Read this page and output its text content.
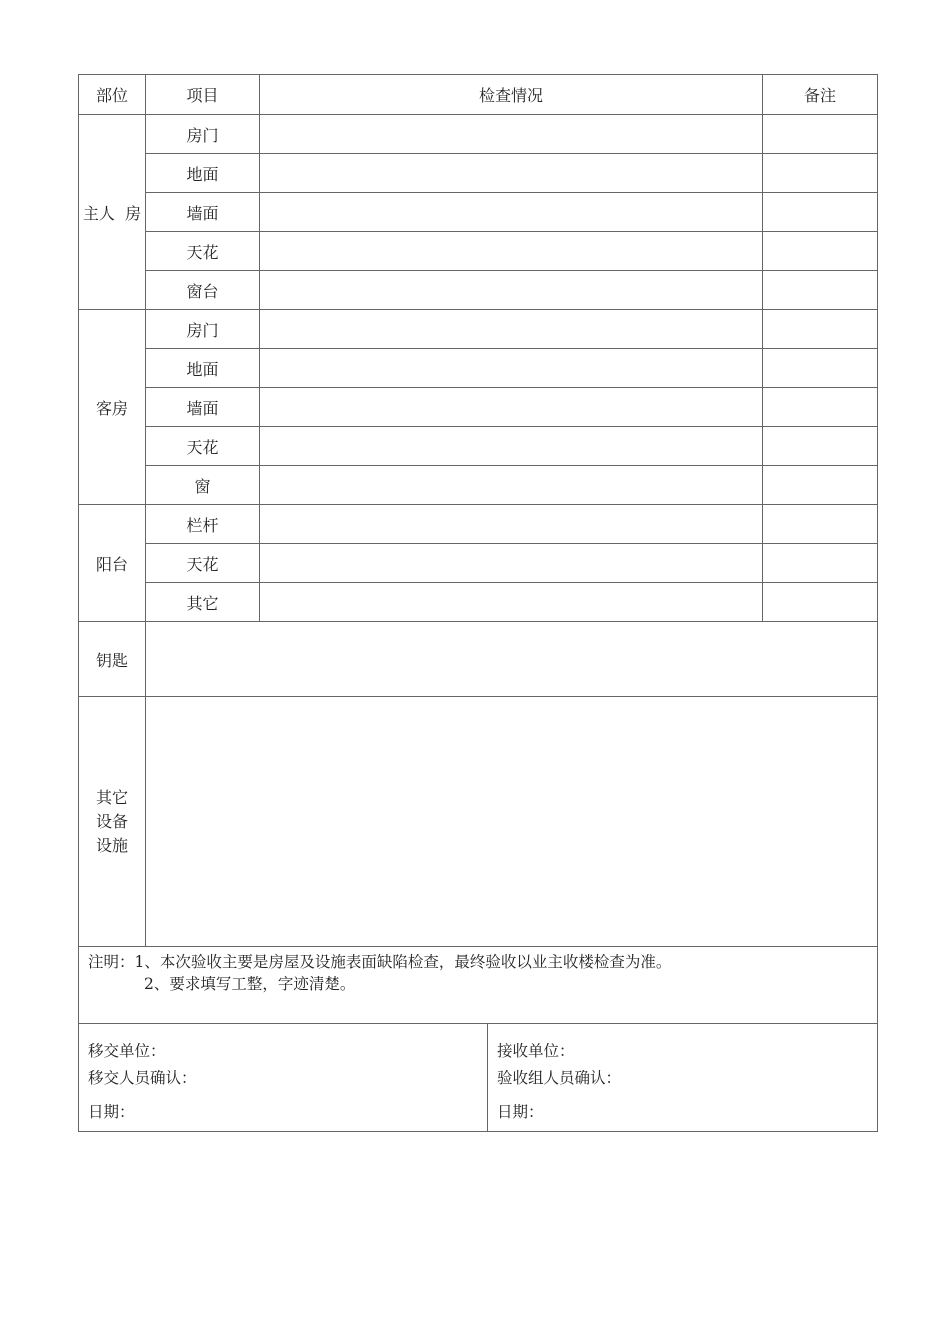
部位	项目	检查情况	备注
主人  房	房门		
	地面		
	墙面		
	天花		
	窗台		
客房	房门		
	地面		
	墙面		
	天花		
	窗		
阳台	栏杆		
	天花		
	其它		
钥匙			

其它
设备
设施			

注明：1、本次验收主要是房屋及设施表面缺陷检查，最终验收以业主收楼检查为准。
2、要求填写工整，字迹清楚。			
移交单位：
移交人员确认：
日期：

接收单位：
验收组人员确认：
日期：
